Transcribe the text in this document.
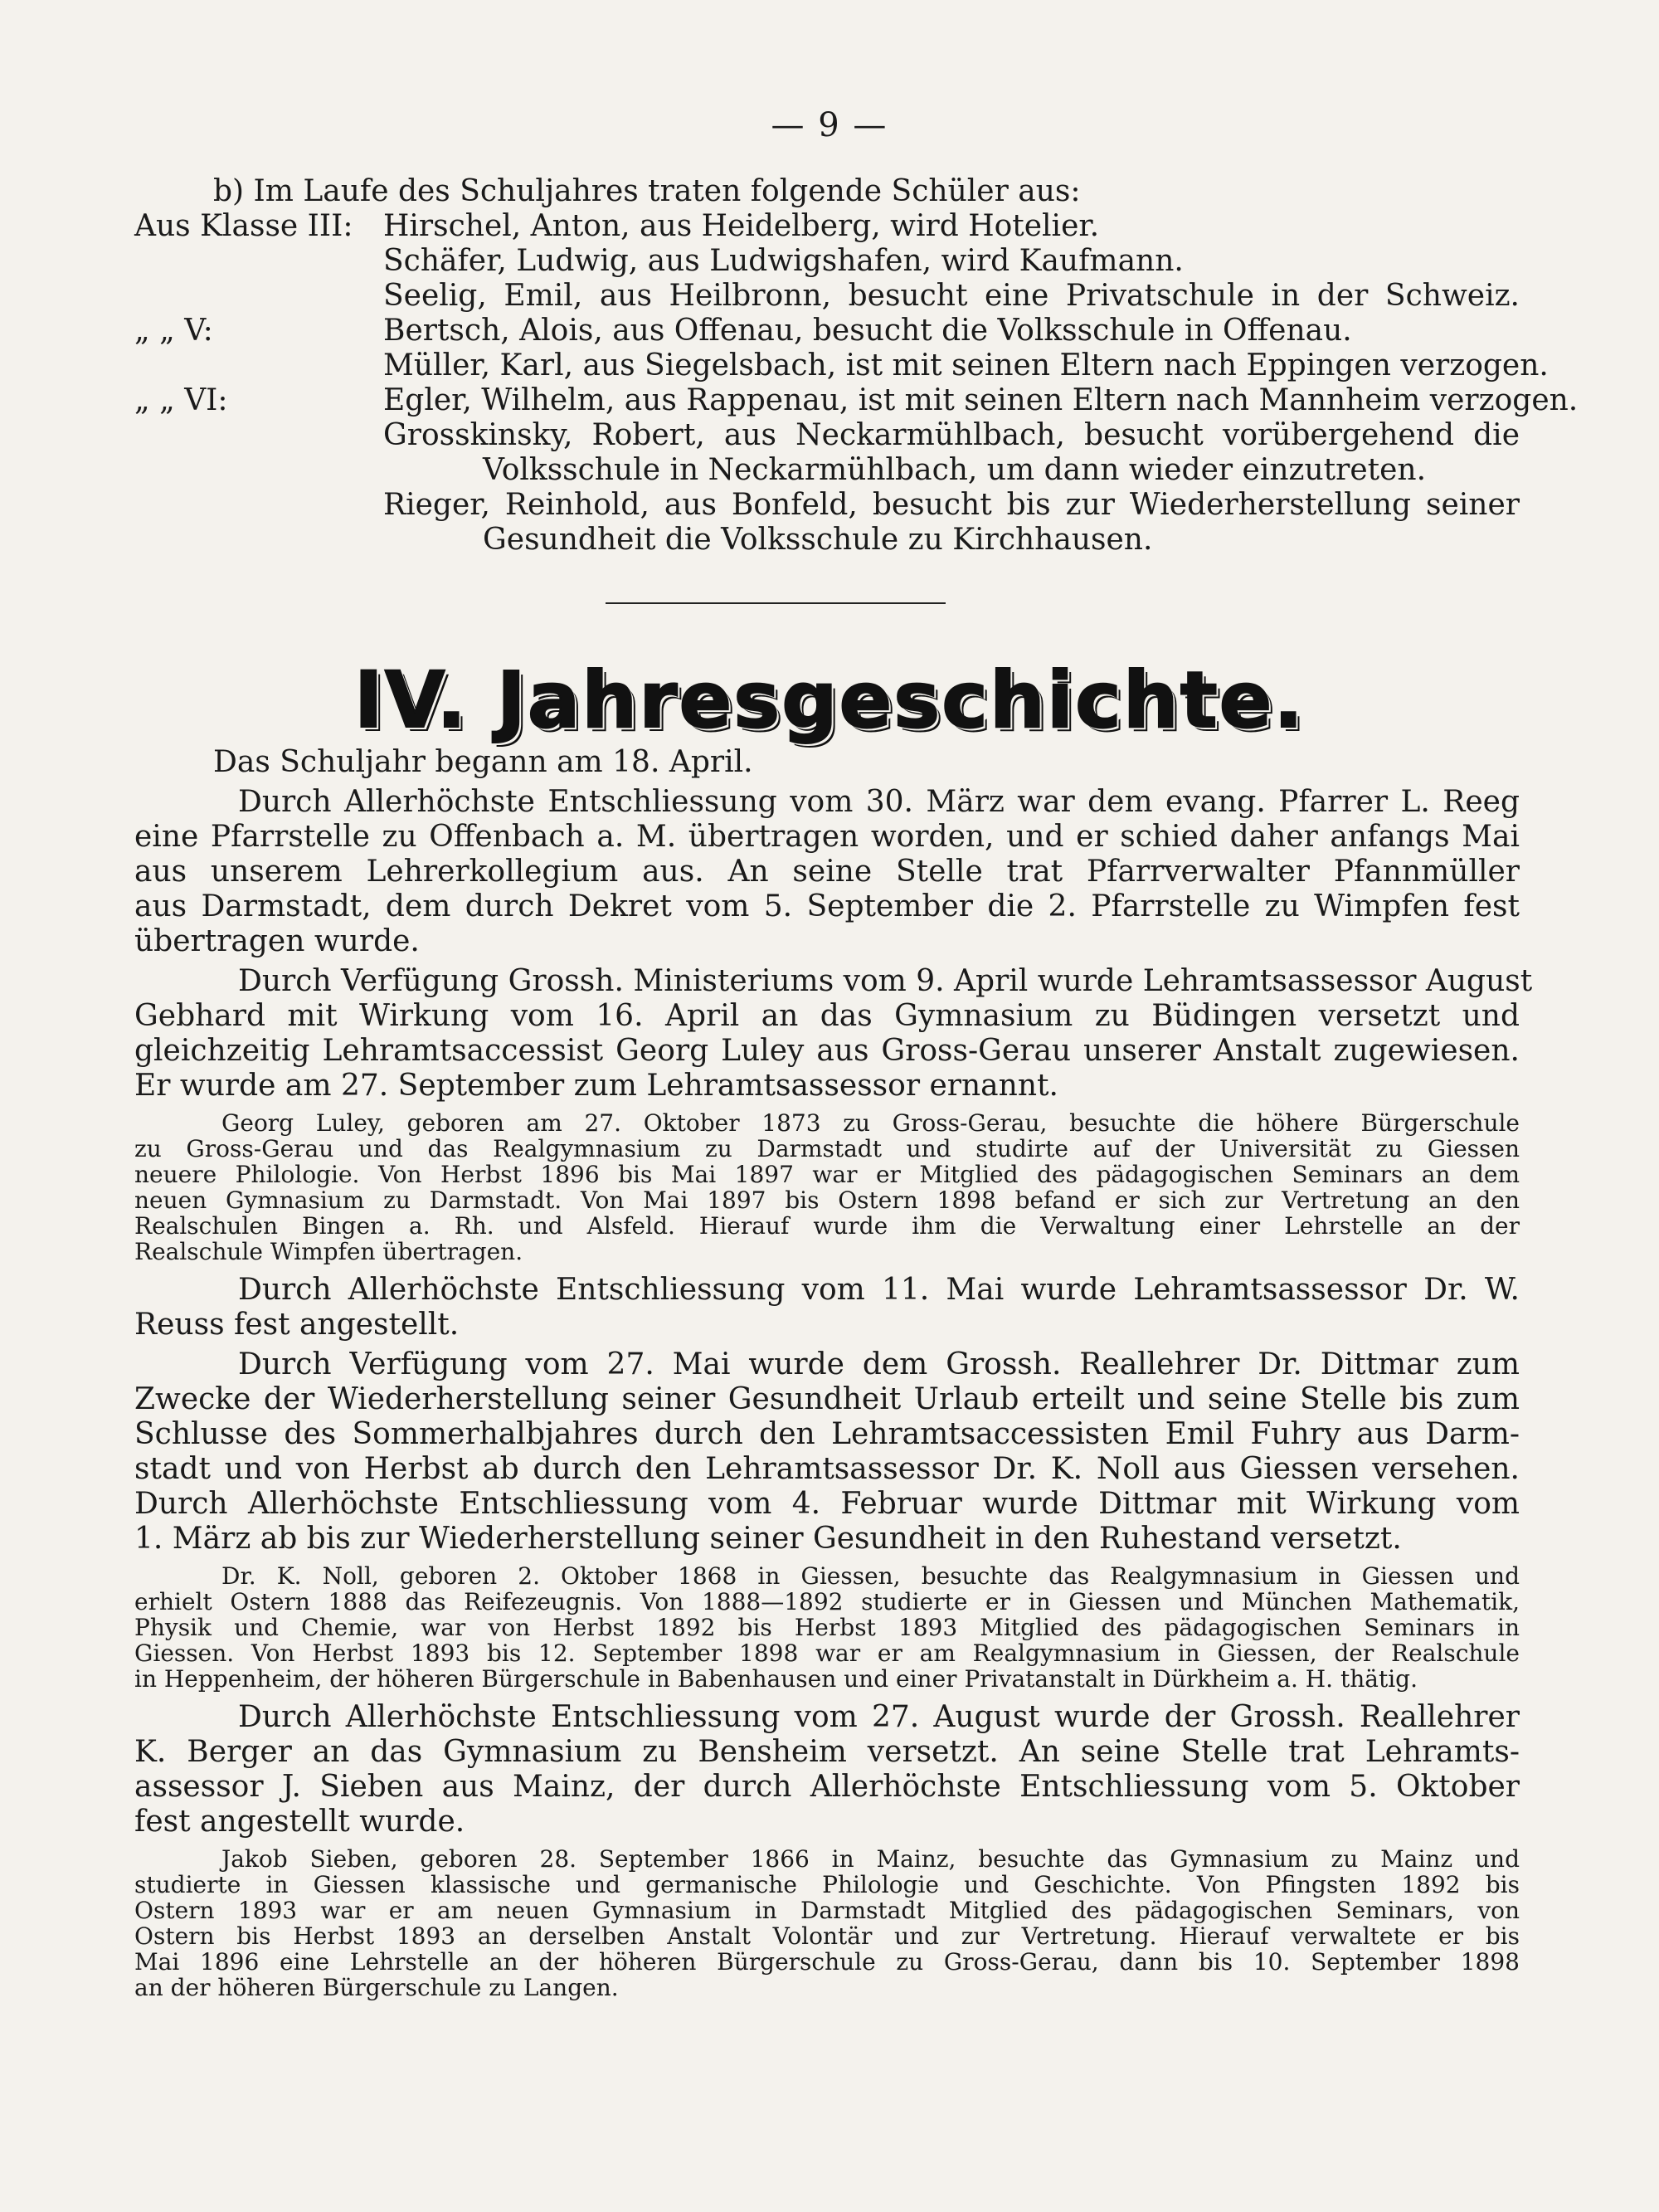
— 9 —
b) Im Laufe des Schuljahres traten folgende Schüler aus:
Aus Klasse III:	Hirschel, Anton, aus Heidelberg, wird Hotelier.
Schäfer, Ludwig, aus Ludwigshafen, wird Kaufmann.
Seelig, Emil, aus Heilbronn, besucht eine Privatschule in der Schweiz.
„ „ V:	Bertsch, Alois, aus Offenau, besucht die Volksschule in Offenau.
Müller, Karl, aus Siegelsbach, ist mit seinen Eltern nach Eppingen verzogen.
„ „ VI:	Egler, Wilhelm, aus Rappenau, ist mit seinen Eltern nach Mannheim verzogen.
Grosskinsky, Robert, aus Neckarmühlbach, besucht vorübergehend die
Volksschule in Neckarmühlbach, um dann wieder einzutreten.
Rieger, Reinhold, aus Bonfeld, besucht bis zur Wiederherstellung seiner
Gesundheit die Volksschule zu Kirchhausen.
IV. Jahresgeschichte.
Das Schuljahr begann am 18. April.
Durch Allerhöchste Entschliessung vom 30. März war dem evang. Pfarrer L. Reeg
eine Pfarrstelle zu Offenbach a. M. übertragen worden, und er schied daher anfangs Mai
aus unserem Lehrerkollegium aus. An seine Stelle trat Pfarrverwalter Pfannmüller
aus Darmstadt, dem durch Dekret vom 5. September die 2. Pfarrstelle zu Wimpfen fest
übertragen wurde.
Durch Verfügung Grossh. Ministeriums vom 9. April wurde Lehramtsassessor August
Gebhard mit Wirkung vom 16. April an das Gymnasium zu Büdingen versetzt und
gleichzeitig Lehramtsaccessist Georg Luley aus Gross-Gerau unserer Anstalt zugewiesen.
Er wurde am 27. September zum Lehramtsassessor ernannt.
Georg Luley, geboren am 27. Oktober 1873 zu Gross-Gerau, besuchte die höhere Bürgerschule
zu Gross-Gerau und das Realgymnasium zu Darmstadt und studirte auf der Universität zu Giessen
neuere Philologie. Von Herbst 1896 bis Mai 1897 war er Mitglied des pädagogischen Seminars an dem
neuen Gymnasium zu Darmstadt. Von Mai 1897 bis Ostern 1898 befand er sich zur Vertretung an den
Realschulen Bingen a. Rh. und Alsfeld. Hierauf wurde ihm die Verwaltung einer Lehrstelle an der
Realschule Wimpfen übertragen.
Durch Allerhöchste Entschliessung vom 11. Mai wurde Lehramtsassessor Dr. W.
Reuss fest angestellt.
Durch Verfügung vom 27. Mai wurde dem Grossh. Reallehrer Dr. Dittmar zum
Zwecke der Wiederherstellung seiner Gesundheit Urlaub erteilt und seine Stelle bis zum
Schlusse des Sommerhalbjahres durch den Lehramtsaccessisten Emil Fuhry aus Darm-
stadt und von Herbst ab durch den Lehramtsassessor Dr. K. Noll aus Giessen versehen.
Durch Allerhöchste Entschliessung vom 4. Februar wurde Dittmar mit Wirkung vom
1. März ab bis zur Wiederherstellung seiner Gesundheit in den Ruhestand versetzt.
Dr. K. Noll, geboren 2. Oktober 1868 in Giessen, besuchte das Realgymnasium in Giessen und
erhielt Ostern 1888 das Reifezeugnis. Von 1888—1892 studierte er in Giessen und München Mathematik,
Physik und Chemie, war von Herbst 1892 bis Herbst 1893 Mitglied des pädagogischen Seminars in
Giessen. Von Herbst 1893 bis 12. September 1898 war er am Realgymnasium in Giessen, der Realschule
in Heppenheim, der höheren Bürgerschule in Babenhausen und einer Privatanstalt in Dürkheim a. H. thätig.
Durch Allerhöchste Entschliessung vom 27. August wurde der Grossh. Reallehrer
K. Berger an das Gymnasium zu Bensheim versetzt. An seine Stelle trat Lehramts-
assessor J. Sieben aus Mainz, der durch Allerhöchste Entschliessung vom 5. Oktober
fest angestellt wurde.
Jakob Sieben, geboren 28. September 1866 in Mainz, besuchte das Gymnasium zu Mainz und
studierte in Giessen klassische und germanische Philologie und Geschichte. Von Pfingsten 1892 bis
Ostern 1893 war er am neuen Gymnasium in Darmstadt Mitglied des pädagogischen Seminars, von
Ostern bis Herbst 1893 an derselben Anstalt Volontär und zur Vertretung. Hierauf verwaltete er bis
Mai 1896 eine Lehrstelle an der höheren Bürgerschule zu Gross-Gerau, dann bis 10. September 1898
an der höheren Bürgerschule zu Langen.
